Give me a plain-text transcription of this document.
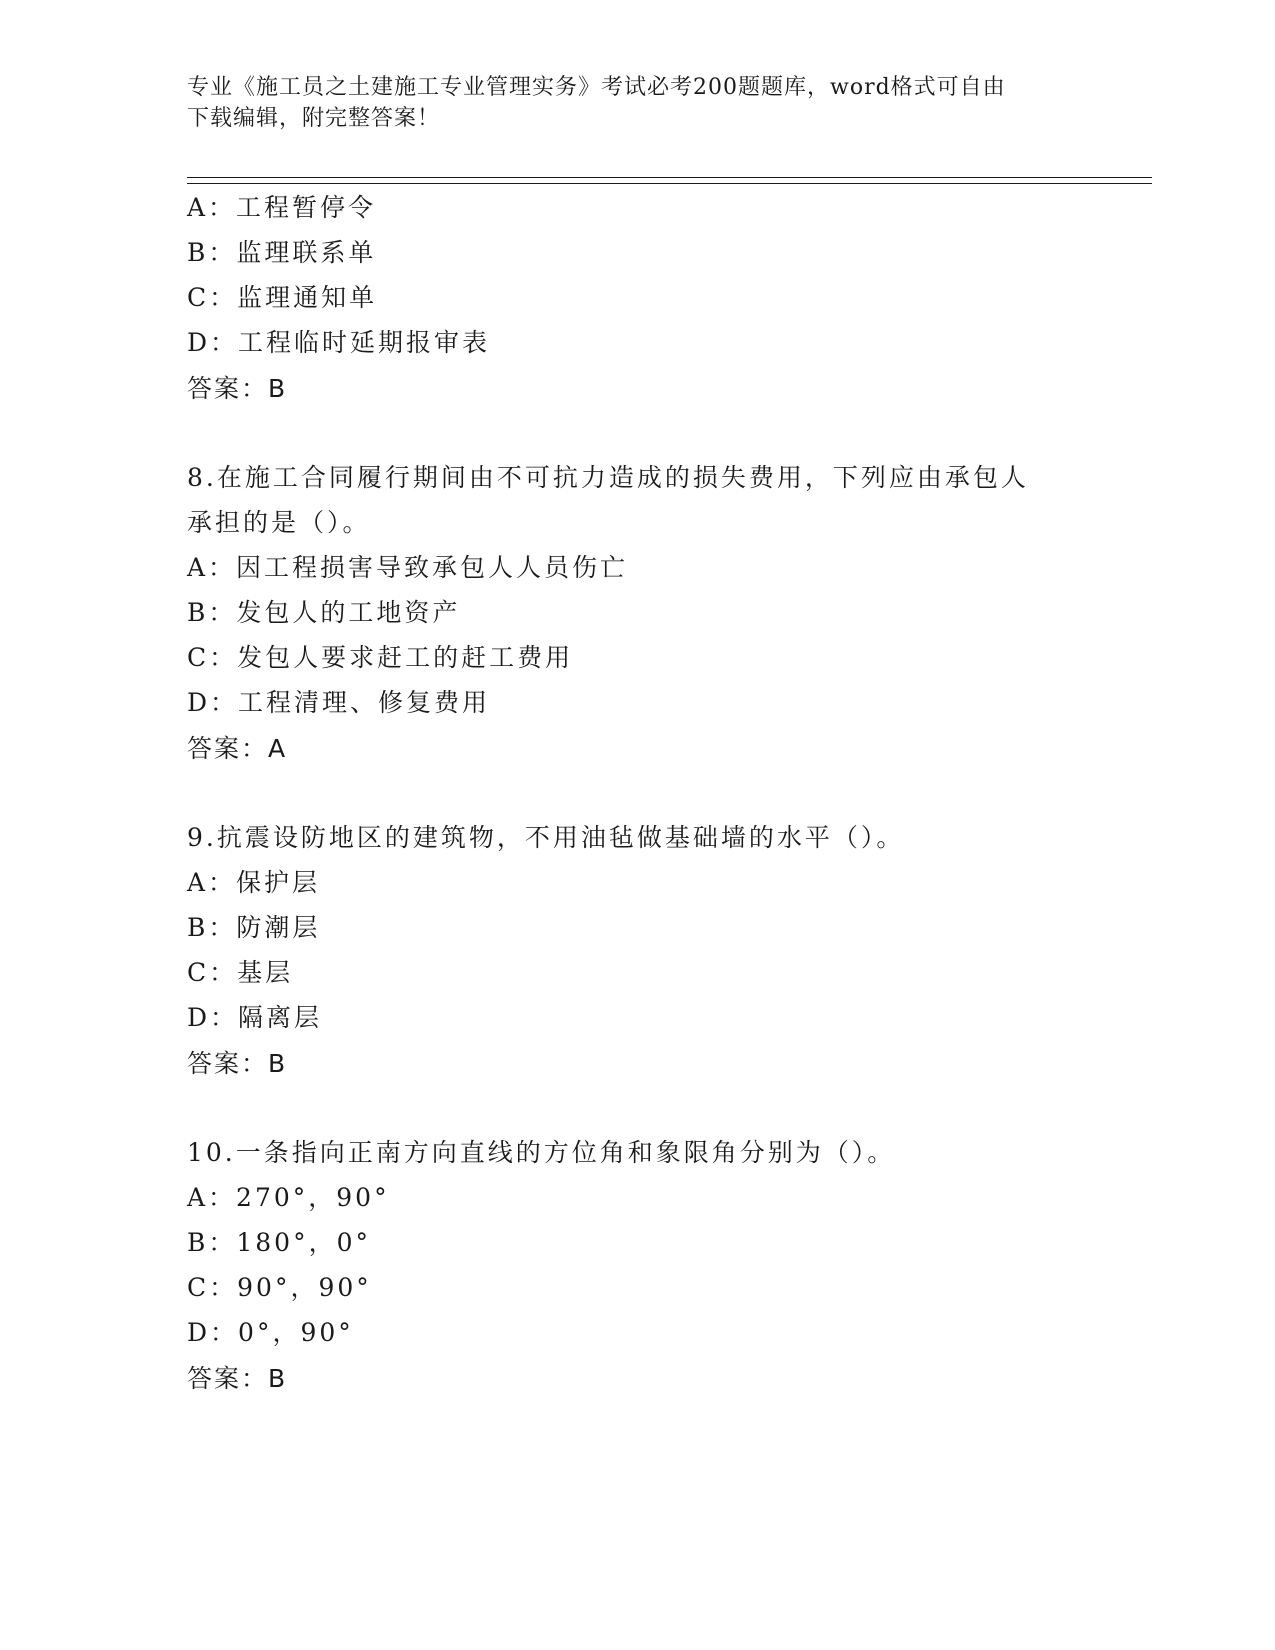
专业《施工员之土建施工专业管理实务》考试必考200题题库，word格式可自由
下载编辑，附完整答案！
A：工程暂停令
B：监理联系单
C：监理通知单
D：工程临时延期报审表
答案：B
8.在施工合同履行期间由不可抗力造成的损失费用，下列应由承包人
承担的是（）。
A：因工程损害导致承包人人员伤亡
B：发包人的工地资产
C：发包人要求赶工的赶工费用
D：工程清理、修复费用
答案：A
9.抗震设防地区的建筑物，不用油毡做基础墙的水平（）。
A：保护层
B：防潮层
C：基层
D：隔离层
答案：B
10.一条指向正南方向直线的方位角和象限角分别为（）。
A：270°，90°
B：180°，0°
C：90°，90°
D：0°，90°
答案：B
